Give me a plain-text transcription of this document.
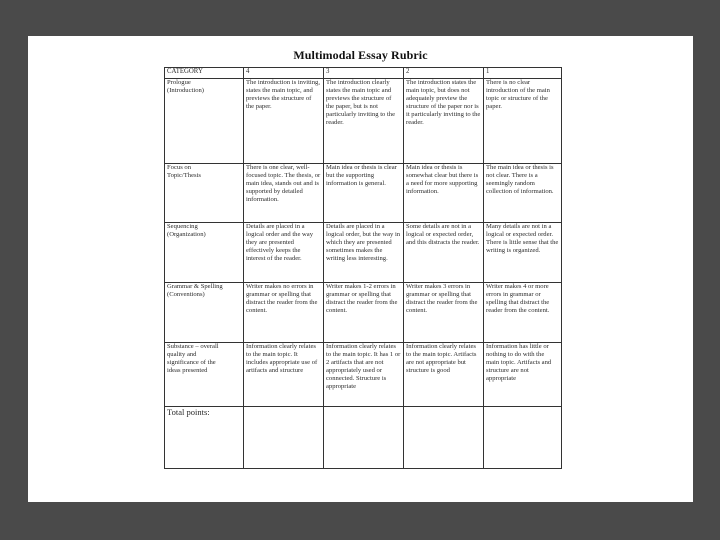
Multimodal Essay Rubric
CATEGORY	4	3	2	1

Prologue
(Introduction)	The introduction is inviting, states the main topic, and previews the structure of the paper.	The introduction clearly states the main topic and previews the structure of the paper, but is not particularly inviting to the reader.	The introduction states the main topic, but does not adequately preview the structure of the paper nor is it particularly inviting to the reader.	There is no clear introduction of the main topic or structure of the paper.

Focus on
Topic/Thesis	There is one clear, well-focused topic. The thesis, or main idea, stands out and is supported by detailed information.	Main idea or thesis is clear but the supporting information is general.	Main idea or thesis is somewhat clear but there is a need for more supporting information.	The main idea or thesis is not clear. There is a seemingly random collection of information.

Sequencing
(Organization)	Details are placed in a logical order and the way they are presented effectively keeps the interest of the reader.	Details are placed in a logical order, but the way in which they are presented sometimes makes the writing less interesting.	Some details are not in a logical or expected order, and this distracts the reader.	Many details are not in a logical or expected order. There is little sense that the writing is organized.

Grammar & Spelling
(Conventions)	Writer makes no errors in grammar or spelling that distract the reader from the content.	Writer makes 1-2 errors in grammar or spelling that distract the reader from the content.	Writer makes 3 errors in grammar or spelling that distract the reader from the content.	Writer makes 4 or more errors in grammar or spelling that distract the reader from the content.

Substance – overall
quality and
significance of the
ideas presented	Information clearly relates to the main topic. It includes appropriate use of artifacts and structure	Information clearly relates to the main topic. It has 1 or 2 artifacts that are not appropriately used or connected. Structure is appropriate	Information clearly relates to the main topic. Artifacts are not appropriate but structure is good	Information has little or nothing to do with the main topic. Artifacts and structure are not appropriate
Total points:				
